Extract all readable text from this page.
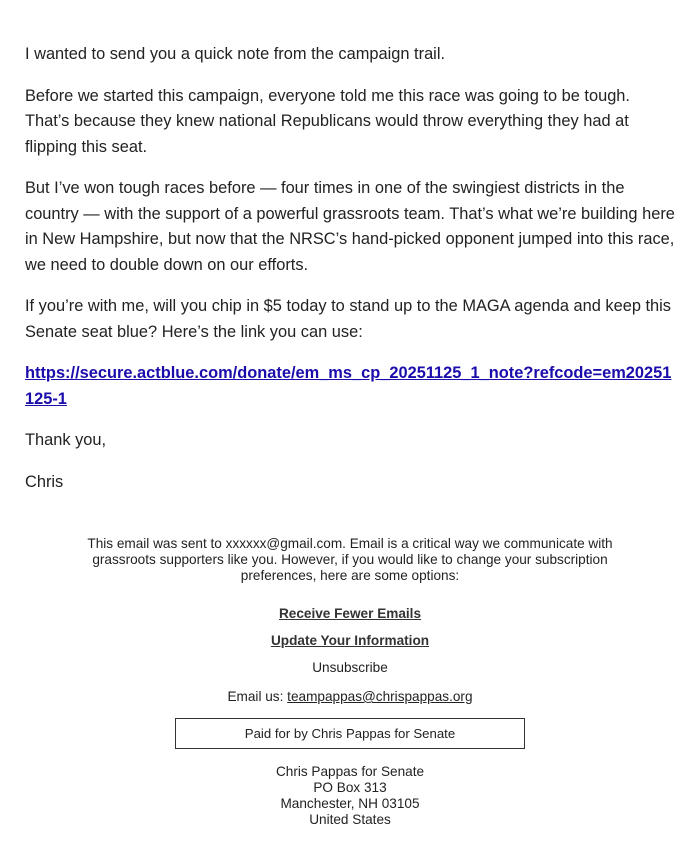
I wanted to send you a quick note from the campaign trail.

Before we started this campaign, everyone told me this race was going to be tough. That’s because they knew national Republicans would throw everything they had at flipping this seat.

But I’ve won tough races before — four times in one of the swingiest districts in the country — with the support of a powerful grassroots team. That’s what we’re building here in New Hampshire, but now that the NRSC’s hand-picked opponent jumped into this race, we need to double down on our efforts.

If you’re with me, will you chip in $5 today to stand up to the MAGA agenda and keep this Senate seat blue? Here’s the link you can use:

https://secure.actblue.com/donate/em_ms_cp_20251125_1_note?refcode=em20251125-1

Thank you,

Chris

This email was sent to xxxxxx@gmail.com. Email is a critical way we communicate with grassroots supporters like you. However, if you would like to change your subscription preferences, here are some options:
Receive Fewer Emails
Update Your Information
Unsubscribe
Email us: teampappas@chrispappas.org
Paid for by Chris Pappas for Senate
Chris Pappas for Senate
PO Box 313
Manchester, NH 03105
United States
